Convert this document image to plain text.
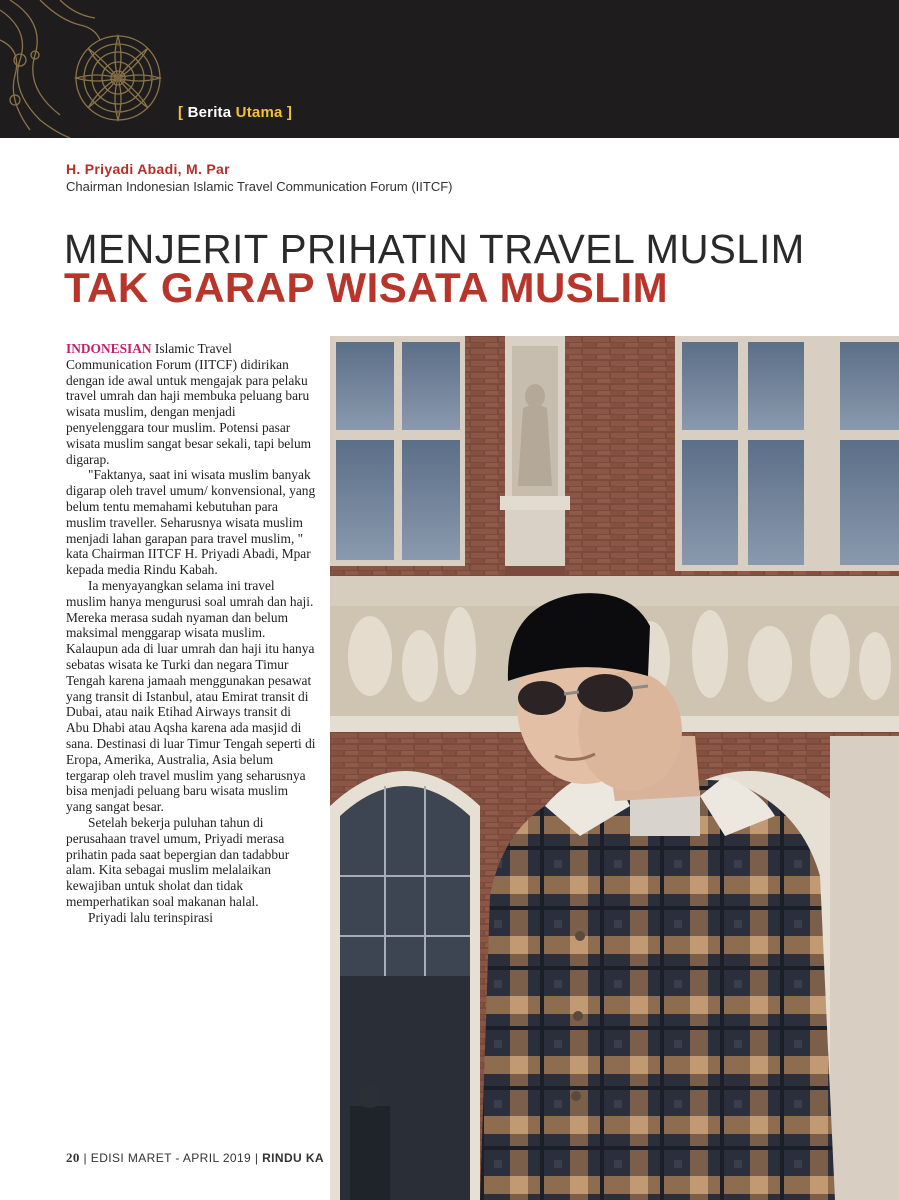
[ Berita Utama ]
H. Priyadi Abadi, M. Par
Chairman Indonesian Islamic Travel Communication Forum (IITCF)
MENJERIT PRIHATIN TRAVEL MUSLIM
TAK GARAP WISATA MUSLIM

INDONESIAN Islamic Travel Communication Forum (IITCF) didirikan dengan ide awal untuk mengajak para pelaku travel umrah dan haji membuka peluang baru wisata muslim, dengan menjadi penyelenggara tour muslim. Potensi pasar wisata muslim sangat besar sekali, tapi belum digarap.

"Faktanya, saat ini wisata muslim banyak digarap oleh travel umum/ konvensional, yang belum tentu memahami kebutuhan para muslim traveller. Seharusnya wisata muslim menjadi lahan garapan para travel muslim, " kata Chairman IITCF H. Priyadi Abadi, Mpar kepada media Rindu Kabah.

Ia menyayangkan selama ini travel muslim hanya mengurusi soal umrah dan haji. Mereka merasa sudah nyaman dan belum maksimal menggarap wisata muslim. Kalaupun ada di luar umrah dan haji itu hanya sebatas wisata ke Turki dan negara Timur Tengah karena jamaah menggunakan pesawat yang transit di Istanbul, atau Emirat transit di Dubai, atau naik Etihad Airways transit di Abu Dhabi atau Aqsha karena ada masjid di sana. Destinasi di luar Timur Tengah seperti di Eropa, Amerika, Australia, Asia belum tergarap oleh travel muslim yang seharusnya bisa menjadi peluang baru wisata muslim yang sangat besar.

Setelah bekerja puluhan tahun di perusahaan travel umum, Priyadi merasa prihatin pada saat bepergian dan tadabbur alam. Kita sebagai muslim melalaikan kewajiban untuk sholat dan tidak memperhatikan soal makanan halal.

Priyadi lalu terinspirasi

20 | EDISI MARET - APRIL 2019 | RINDU KA
